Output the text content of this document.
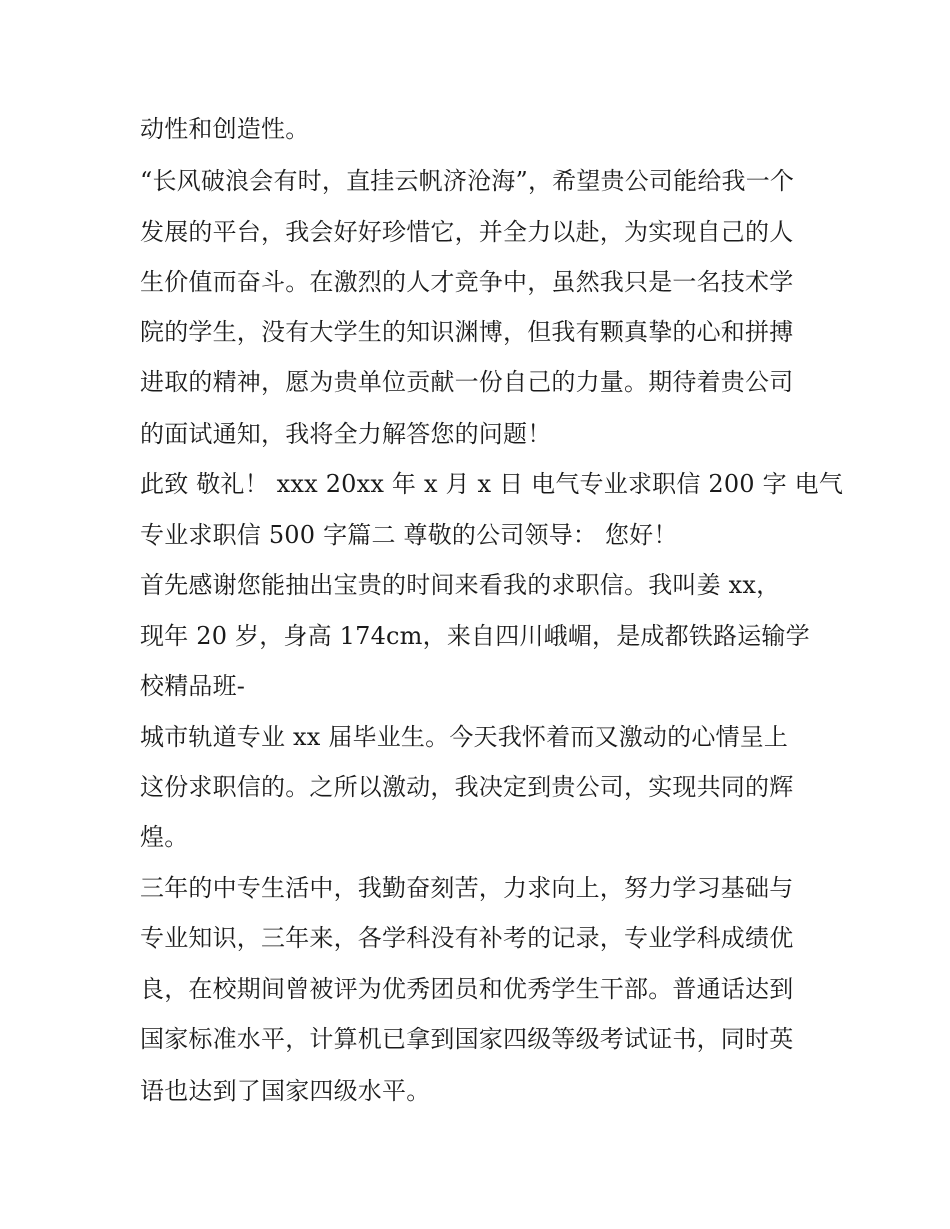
动性和创造性。
“长风破浪会有时，直挂云帆济沧海”，希望贵公司能给我一个
发展的平台，我会好好珍惜它，并全力以赴，为实现自己的人
生价值而奋斗。在激烈的人才竞争中，虽然我只是一名技术学
院的学生，没有大学生的知识渊博，但我有颗真挚的心和拼搏
进取的精神，愿为贵单位贡献一份自己的力量。期待着贵公司
的面试通知，我将全力解答您的问题！
此致 敬礼！ xxx 20xx 年 x 月 x 日 电气专业求职信 200 字 电气
专业求职信 500 字篇二 尊敬的公司领导： 您好！
首先感谢您能抽出宝贵的时间来看我的求职信。我叫姜 xx，
现年 20 岁，身高 174cm，来自四川峨嵋，是成都铁路运输学
校精品班-
城市轨道专业 xx 届毕业生。今天我怀着而又激动的心情呈上
这份求职信的。之所以激动，我决定到贵公司，实现共同的辉
煌。
三年的中专生活中，我勤奋刻苦，力求向上，努力学习基础与
专业知识，三年来，各学科没有补考的记录，专业学科成绩优
良，在校期间曾被评为优秀团员和优秀学生干部。普通话达到
国家标准水平，计算机已拿到国家四级等级考试证书，同时英
语也达到了国家四级水平。
